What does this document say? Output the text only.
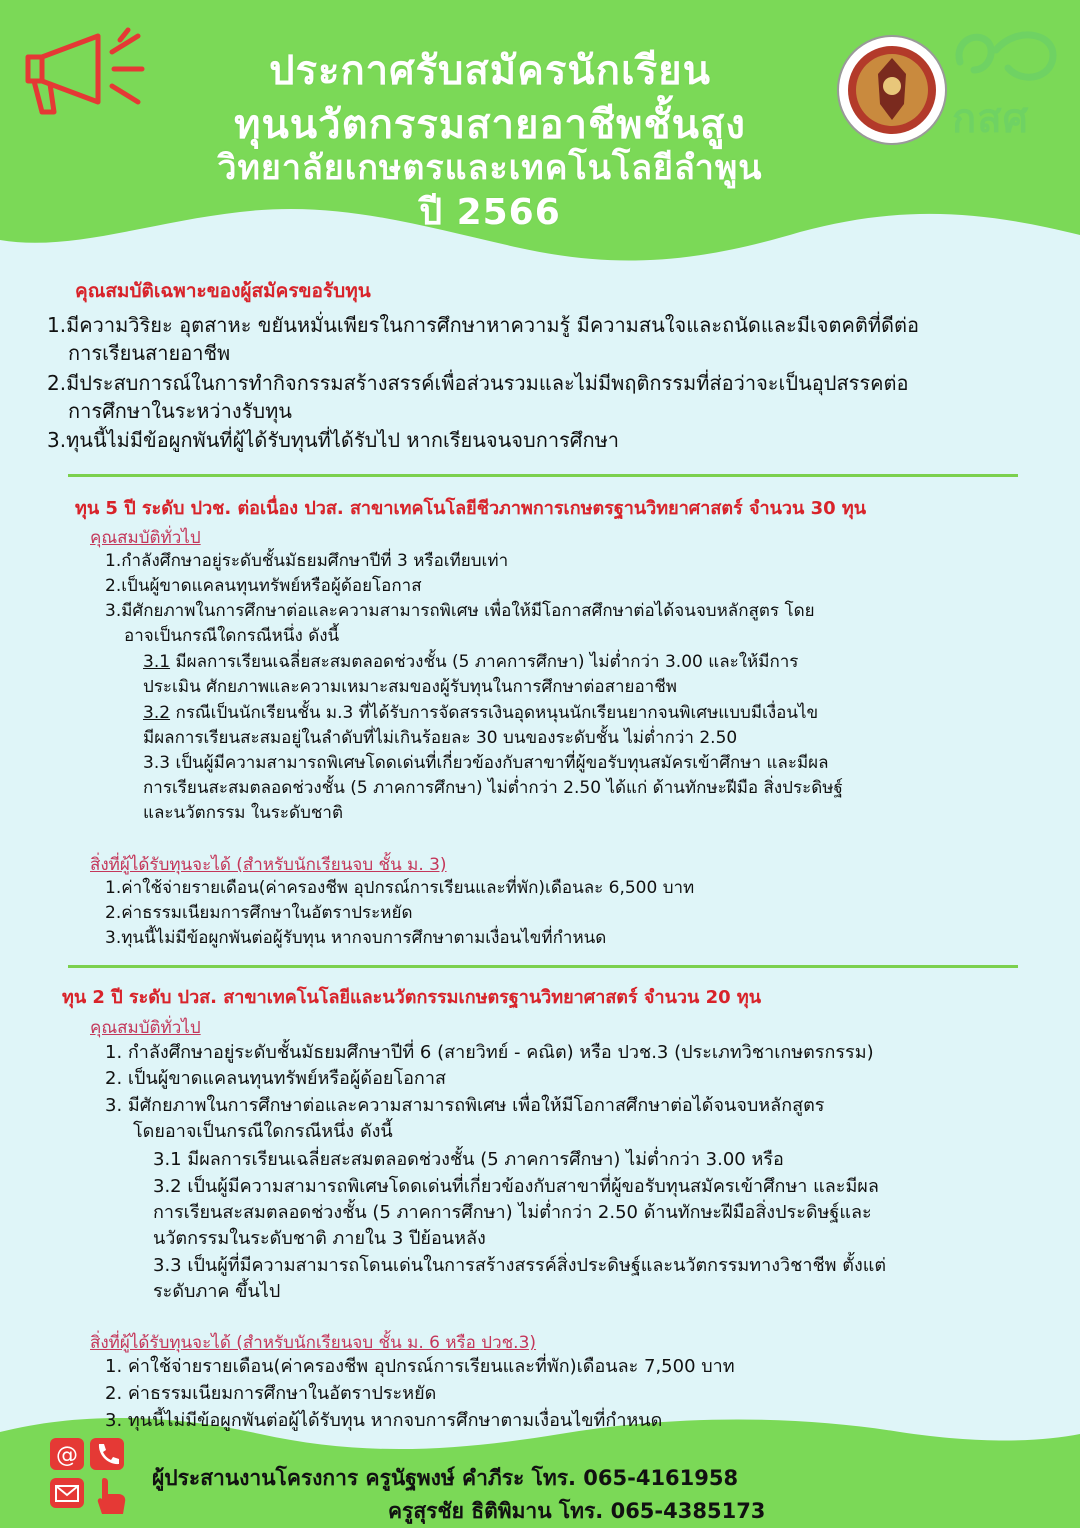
ประกาศรับสมัครนักเรียน
ทุนนวัตกรรมสายอาชีพชั้นสูง
วิทยาลัยเกษตรและเทคโนโลยีลำพูน
ปี 2566
กสศ
คุณสมบัติเฉพาะของผู้สมัครขอรับทุน
1.มีความวิริยะ อุตสาหะ ขยันหมั่นเพียรในการศึกษาหาความรู้ มีความสนใจและถนัดและมีเจตคติที่ดีต่อ
การเรียนสายอาชีพ
2.มีประสบการณ์ในการทำกิจกรรมสร้างสรรค์เพื่อส่วนรวมและไม่มีพฤติกรรมที่ส่อว่าจะเป็นอุปสรรคต่อ
การศึกษาในระหว่างรับทุน
3.ทุนนี้ไม่มีข้อผูกพันที่ผู้ได้รับทุนที่ได้รับไป หากเรียนจนจบการศึกษา
ทุน 5 ปี ระดับ ปวช. ต่อเนื่อง ปวส. สาขาเทคโนโลยีชีวภาพการเกษตรฐานวิทยาศาสตร์ จำนวน 30 ทุน
คุณสมบัติทั่วไป
1.กำลังศึกษาอยู่ระดับชั้นมัธยมศึกษาปีที่ 3 หรือเทียบเท่า
2.เป็นผู้ขาดแคลนทุนทรัพย์หรือผู้ด้อยโอกาส
3.มีศักยภาพในการศึกษาต่อและความสามารถพิเศษ เพื่อให้มีโอกาสศึกษาต่อได้จนจบหลักสูตร โดย
อาจเป็นกรณีใดกรณีหนึ่ง ดังนี้
3.1 มีผลการเรียนเฉลี่ยสะสมตลอดช่วงชั้น (5 ภาคการศึกษา) ไม่ต่ำกว่า 3.00 และให้มีการ
ประเมิน ศักยภาพและความเหมาะสมของผู้รับทุนในการศึกษาต่อสายอาชีพ
3.2 กรณีเป็นนักเรียนชั้น ม.3 ที่ได้รับการจัดสรรเงินอุดหนุนนักเรียนยากจนพิเศษแบบมีเงื่อนไข
มีผลการเรียนสะสมอยู่ในลำดับที่ไม่เกินร้อยละ 30 บนของระดับชั้น ไม่ต่ำกว่า 2.50
3.3 เป็นผู้มีความสามารถพิเศษโดดเด่นที่เกี่ยวข้องกับสาขาที่ผู้ขอรับทุนสมัครเข้าศึกษา และมีผล
การเรียนสะสมตลอดช่วงชั้น (5 ภาคการศึกษา) ไม่ต่ำกว่า 2.50 ได้แก่ ด้านทักษะฝีมือ สิ่งประดิษฐ์
และนวัตกรรม ในระดับชาติ
สิ่งที่ผู้ได้รับทุนจะได้ (สำหรับนักเรียนจบ ชั้น ม. 3)
1.ค่าใช้จ่ายรายเดือน(ค่าครองชีพ อุปกรณ์การเรียนและที่พัก)เดือนละ 6,500 บาท
2.ค่าธรรมเนียมการศึกษาในอัตราประหยัด
3.ทุนนี้ไม่มีข้อผูกพันต่อผู้รับทุน หากจบการศึกษาตามเงื่อนไขที่กำหนด
ทุน 2 ปี ระดับ ปวส. สาขาเทคโนโลยีและนวัตกรรมเกษตรฐานวิทยาศาสตร์ จำนวน 20 ทุน
คุณสมบัติทั่วไป
1. กำลังศึกษาอยู่ระดับชั้นมัธยมศึกษาปีที่ 6 (สายวิทย์ - คณิต) หรือ ปวช.3 (ประเภทวิชาเกษตรกรรม)
2. เป็นผู้ขาดแคลนทุนทรัพย์หรือผู้ด้อยโอกาส
3. มีศักยภาพในการศึกษาต่อและความสามารถพิเศษ เพื่อให้มีโอกาสศึกษาต่อได้จนจบหลักสูตร
โดยอาจเป็นกรณีใดกรณีหนึ่ง ดังนี้
3.1 มีผลการเรียนเฉลี่ยสะสมตลอดช่วงชั้น (5 ภาคการศึกษา) ไม่ต่ำกว่า 3.00 หรือ
3.2 เป็นผู้มีความสามารถพิเศษโดดเด่นที่เกี่ยวข้องกับสาขาที่ผู้ขอรับทุนสมัครเข้าศึกษา และมีผล
การเรียนสะสมตลอดช่วงชั้น (5 ภาคการศึกษา) ไม่ต่ำกว่า 2.50 ด้านทักษะฝีมือสิ่งประดิษฐ์และ
นวัตกรรมในระดับชาติ ภายใน 3 ปีย้อนหลัง
3.3 เป็นผู้ที่มีความสามารถโดนเด่นในการสร้างสรรค์สิ่งประดิษฐ์และนวัตกรรมทางวิชาชีพ ตั้งแต่
ระดับภาค ขึ้นไป
สิ่งที่ผู้ได้รับทุนจะได้ (สำหรับนักเรียนจบ ชั้น ม. 6 หรือ ปวช.3)
1. ค่าใช้จ่ายรายเดือน(ค่าครองชีพ อุปกรณ์การเรียนและที่พัก)เดือนละ 7,500 บาท
2. ค่าธรรมเนียมการศึกษาในอัตราประหยัด
3. ทุนนี้ไม่มีข้อผูกพันต่อผู้ได้รับทุน หากจบการศึกษาตามเงื่อนไขที่กำหนด
@
ผู้ประสานงานโครงการ ครูนัฐพงษ์ คำภีระ โทร. 065-4161958
ครูสุรชัย ธิติพิมาน โทร. 065-4385173
